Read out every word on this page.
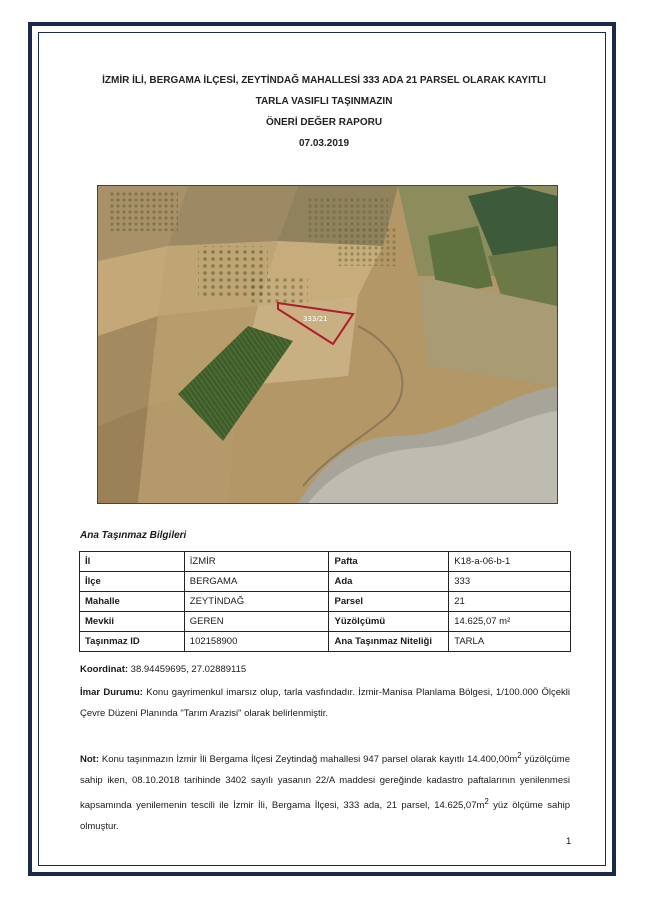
İZMİR İLİ, BERGAMA İLÇESİ, ZEYTİNDAĞ MAHALLESİ 333 ADA 21 PARSEL OLARAK KAYITLI
TARLA VASIFLI TAŞINMAZIN
ÖNERİ DEĞER RAPORU
07.03.2019
333/21
Ana Taşınmaz Bilgileri
İl	İZMİR	Pafta	K18-a-06-b-1
İlçe	BERGAMA	Ada	333
Mahalle	ZEYTİNDAĞ	Parsel	21
Mevkii	GEREN	Yüzölçümü	14.625,07 m²
Taşınmaz ID	102158900	Ana Taşınmaz Niteliği	TARLA
Koordinat: 38.94459695, 27.02889115
İmar Durumu: Konu gayrimenkul imarsız olup, tarla vasfındadır. İzmir-Manisa Planlama Bölgesi, 1/100.000 Ölçekli Çevre Düzeni Planında "Tarım Arazisi" olarak belirlenmiştir.
Not: Konu taşınmazın İzmir İli Bergama İlçesi Zeytindağ mahallesi 947 parsel olarak kayıtlı $14.400,00m^2$ yüzölçüme sahip iken, 08.10.2018 tarihinde 3402 sayılı yasanın 22/A maddesi gereğinde kadastro paftalarının yenilenmesi kapsamında yenilemenin tescili ile İzmir İli, Bergama İlçesi, 333 ada, 21 parsel, $14.625,07m^2$ yüz ölçüme sahip olmuştur.
1
